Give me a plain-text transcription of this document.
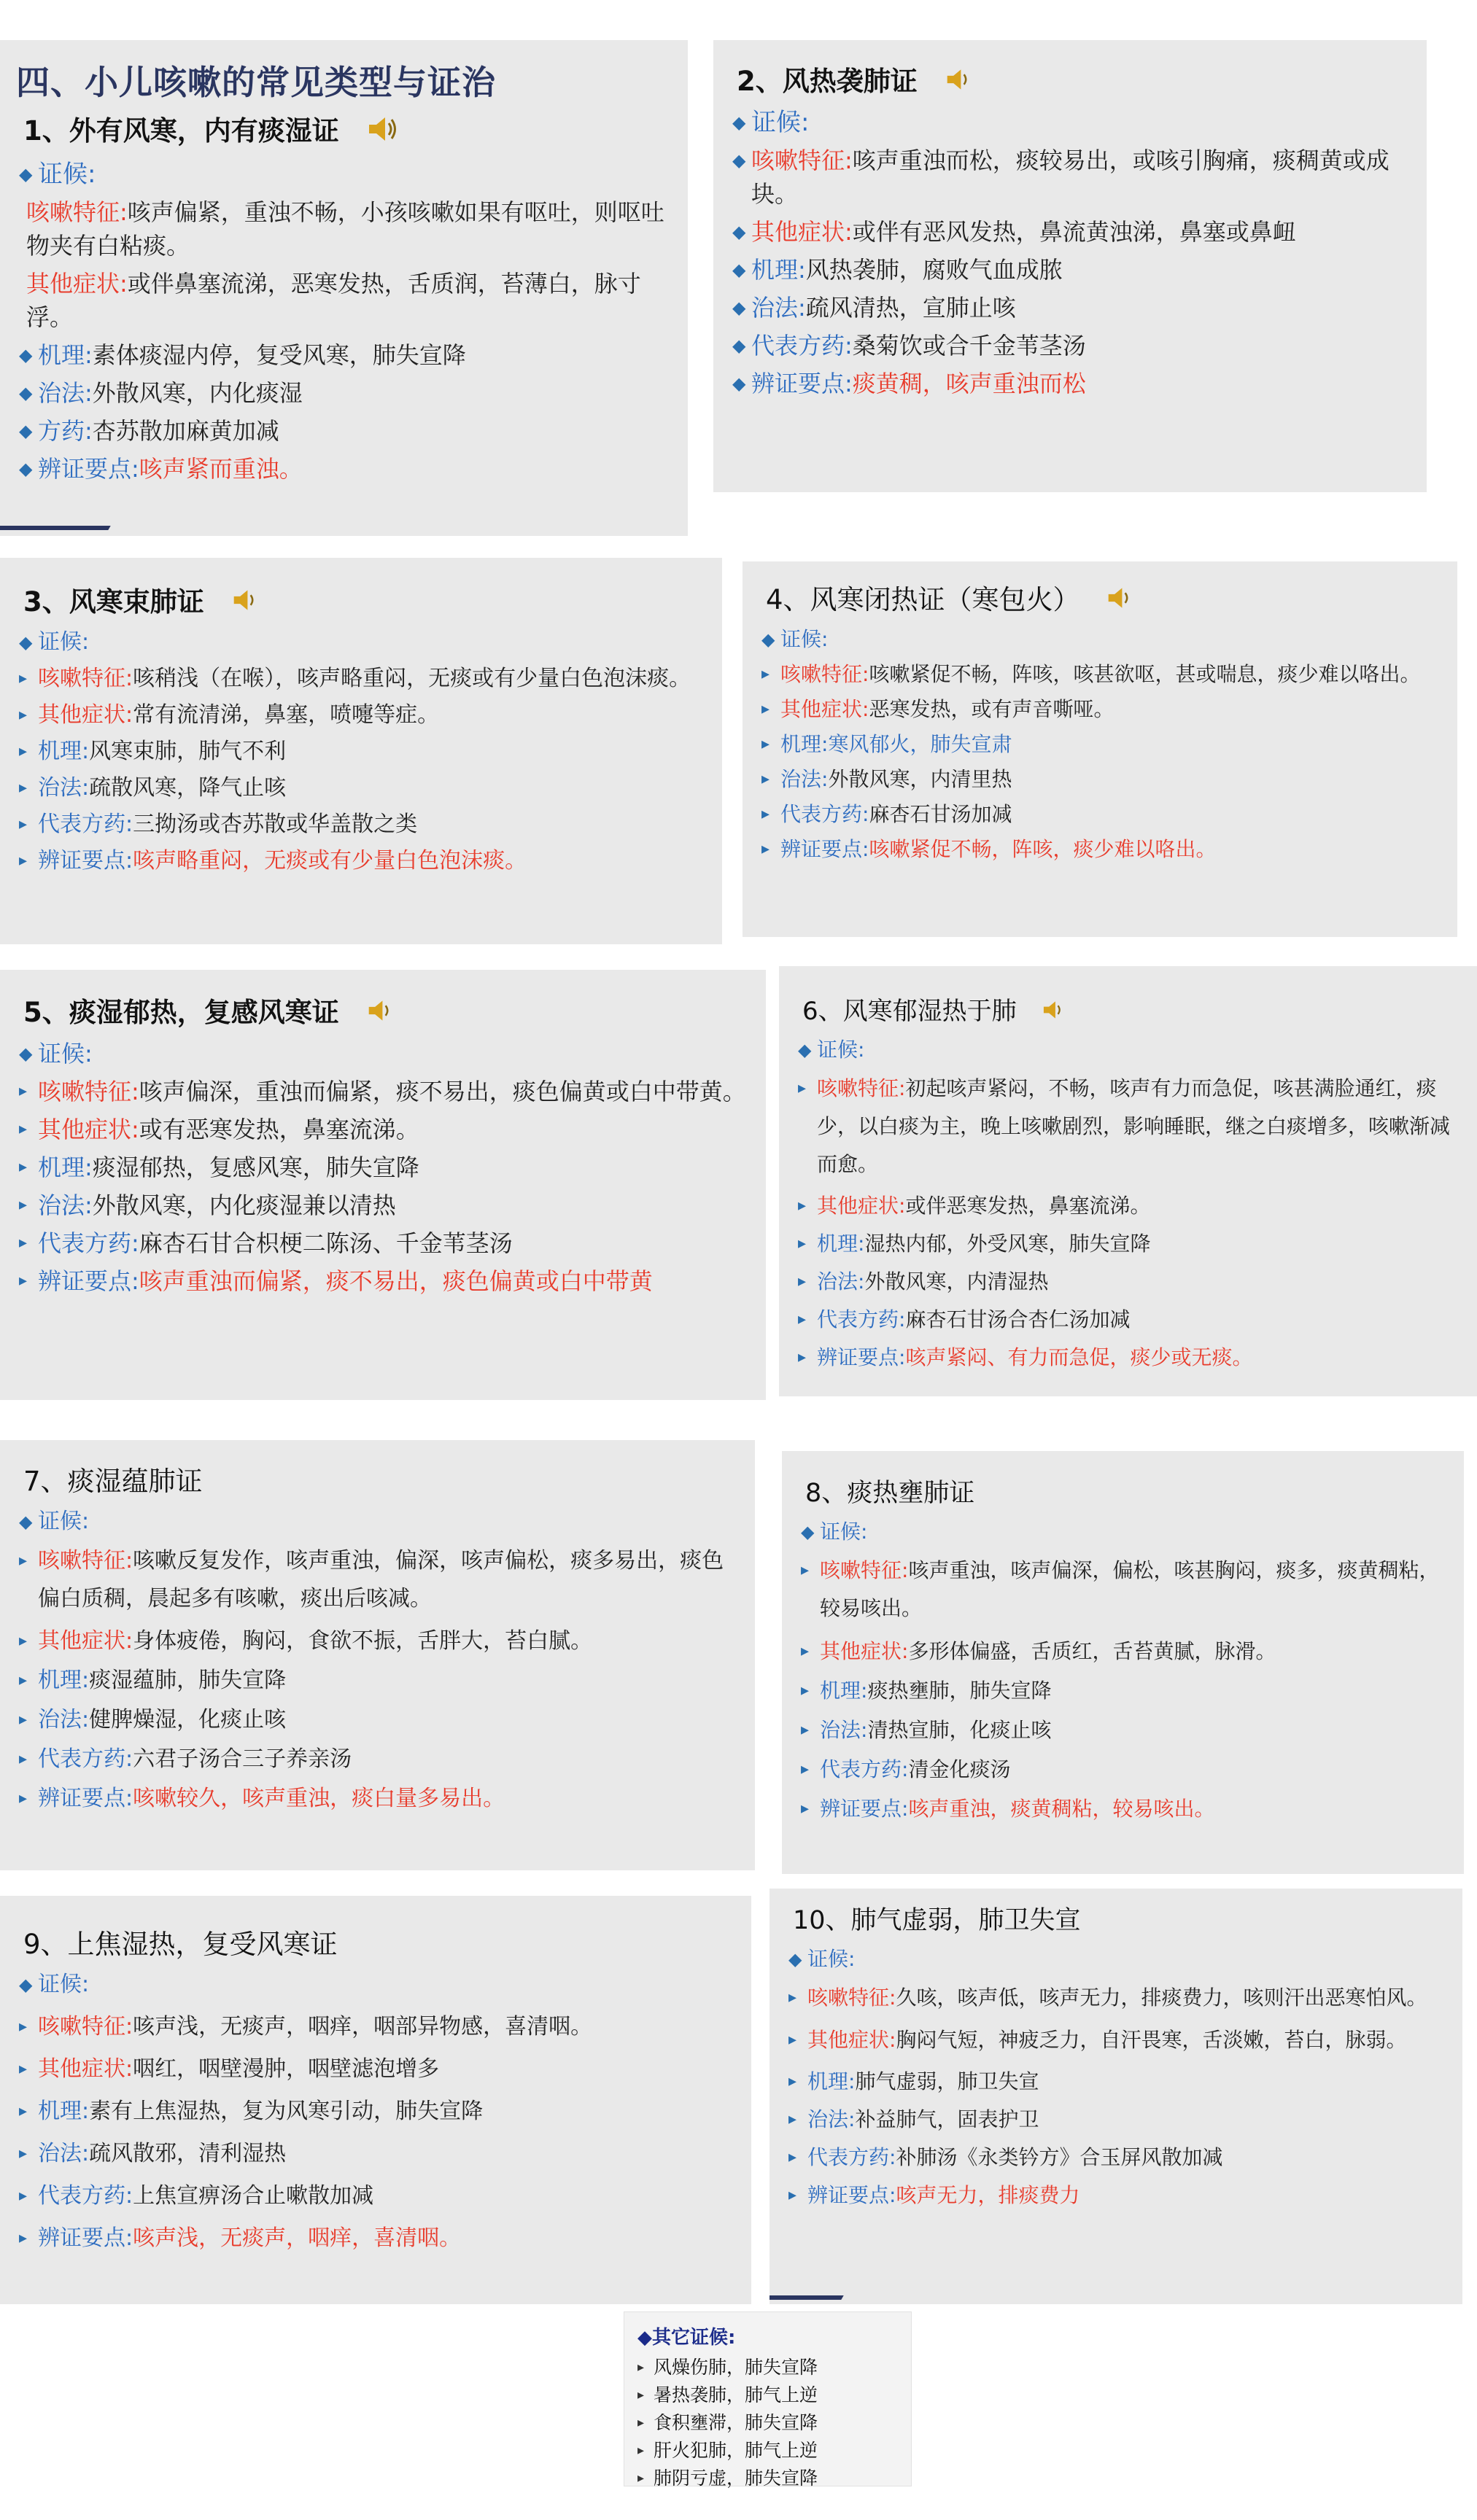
四、小儿咳嗽的常见类型与证治
1、外有风寒，内有痰湿证
◆ 证候:
咳嗽特征:咳声偏紧，重浊不畅，小孩咳嗽如果有呕吐，则呕吐物夹有白粘痰。
其他症状:或伴鼻塞流涕，恶寒发热，舌质润，苔薄白，脉寸浮。
◆ 机理:素体痰湿内停，复受风寒，肺失宣降
◆ 治法:外散风寒，内化痰湿
◆ 方药:杏苏散加麻黄加减
◆ 辨证要点:咳声紧而重浊。
2、风热袭肺证
◆ 证候:
◆ 咳嗽特征:咳声重浊而松，痰较易出，或咳引胸痛，痰稠黄或成块。
◆ 其他症状:或伴有恶风发热，鼻流黄浊涕，鼻塞或鼻衄
◆ 机理:风热袭肺，腐败气血成脓
◆ 治法:疏风清热，宣肺止咳
◆ 代表方药:桑菊饮或合千金苇茎汤
◆ 辨证要点:痰黄稠，咳声重浊而松
3、风寒束肺证
◆ 证候:
▸ 咳嗽特征:咳稍浅（在喉），咳声略重闷，无痰或有少量白色泡沫痰。
▸ 其他症状:常有流清涕，鼻塞，喷嚏等症。
▸ 机理:风寒束肺，肺气不利
▸ 治法:疏散风寒，降气止咳
▸ 代表方药:三拗汤或杏苏散或华盖散之类
▸ 辨证要点:咳声略重闷，无痰或有少量白色泡沫痰。
4、风寒闭热证（寒包火）
◆ 证候:
▸ 咳嗽特征:咳嗽紧促不畅，阵咳，咳甚欲呕，甚或喘息，痰少难以咯出。
▸ 其他症状:恶寒发热，或有声音嘶哑。
▸ 机理:寒风郁火，肺失宣肃
▸ 治法:外散风寒，内清里热
▸ 代表方药:麻杏石甘汤加减
▸ 辨证要点:咳嗽紧促不畅，阵咳，痰少难以咯出。
5、痰湿郁热，复感风寒证
◆ 证候:
▸ 咳嗽特征:咳声偏深，重浊而偏紧，痰不易出，痰色偏黄或白中带黄。
▸ 其他症状:或有恶寒发热，鼻塞流涕。
▸ 机理:痰湿郁热，复感风寒，肺失宣降
▸ 治法:外散风寒，内化痰湿兼以清热
▸ 代表方药:麻杏石甘合枳梗二陈汤、千金苇茎汤
▸ 辨证要点:咳声重浊而偏紧，痰不易出，痰色偏黄或白中带黄
6、风寒郁湿热于肺
◆ 证候:
▸ 咳嗽特征:初起咳声紧闷，不畅，咳声有力而急促，咳甚满脸通红，痰少，以白痰为主，晚上咳嗽剧烈，影响睡眠，继之白痰增多，咳嗽渐减而愈。
▸ 其他症状:或伴恶寒发热，鼻塞流涕。
▸ 机理:湿热内郁，外受风寒，肺失宣降
▸ 治法:外散风寒，内清湿热
▸ 代表方药:麻杏石甘汤合杏仁汤加减
▸ 辨证要点:咳声紧闷、有力而急促，痰少或无痰。
7、痰湿蕴肺证
◆ 证候:
▸ 咳嗽特征:咳嗽反复发作，咳声重浊，偏深，咳声偏松，痰多易出，痰色偏白质稠，晨起多有咳嗽，痰出后咳减。
▸ 其他症状:身体疲倦，胸闷，食欲不振，舌胖大，苔白腻。
▸ 机理:痰湿蕴肺，肺失宣降
▸ 治法:健脾燥湿，化痰止咳
▸ 代表方药:六君子汤合三子养亲汤
▸ 辨证要点:咳嗽较久，咳声重浊，痰白量多易出。
8、痰热壅肺证
◆ 证候:
▸ 咳嗽特征:咳声重浊，咳声偏深，偏松，咳甚胸闷，痰多，痰黄稠粘，较易咳出。
▸ 其他症状:多形体偏盛，舌质红，舌苔黄腻，脉滑。
▸ 机理:痰热壅肺，肺失宣降
▸ 治法:清热宣肺，化痰止咳
▸ 代表方药:清金化痰汤
▸ 辨证要点:咳声重浊，痰黄稠粘，较易咳出。
9、上焦湿热，复受风寒证
◆ 证候:
▸ 咳嗽特征:咳声浅，无痰声，咽痒，咽部异物感，喜清咽。
▸ 其他症状:咽红，咽壁漫肿，咽壁滤泡增多
▸ 机理:素有上焦湿热，复为风寒引动，肺失宣降
▸ 治法:疏风散邪，清利湿热
▸ 代表方药:上焦宣痹汤合止嗽散加减
▸ 辨证要点:咳声浅，无痰声，咽痒，喜清咽。
10、肺气虚弱，肺卫失宣
◆ 证候:
▸ 咳嗽特征:久咳，咳声低，咳声无力，排痰费力，咳则汗出恶寒怕风。
▸ 其他症状:胸闷气短，神疲乏力，自汗畏寒，舌淡嫩，苔白，脉弱。
▸ 机理:肺气虚弱，肺卫失宣
▸ 治法:补益肺气，固表护卫
▸ 代表方药:补肺汤《永类钤方》合玉屏风散加减
▸ 辨证要点:咳声无力，排痰费力
◆其它证候:
▸ 风燥伤肺，肺失宣降
▸ 暑热袭肺，肺气上逆
▸ 食积壅滞，肺失宣降
▸ 肝火犯肺，肺气上逆
▸ 肺阴亏虚，肺失宣降
